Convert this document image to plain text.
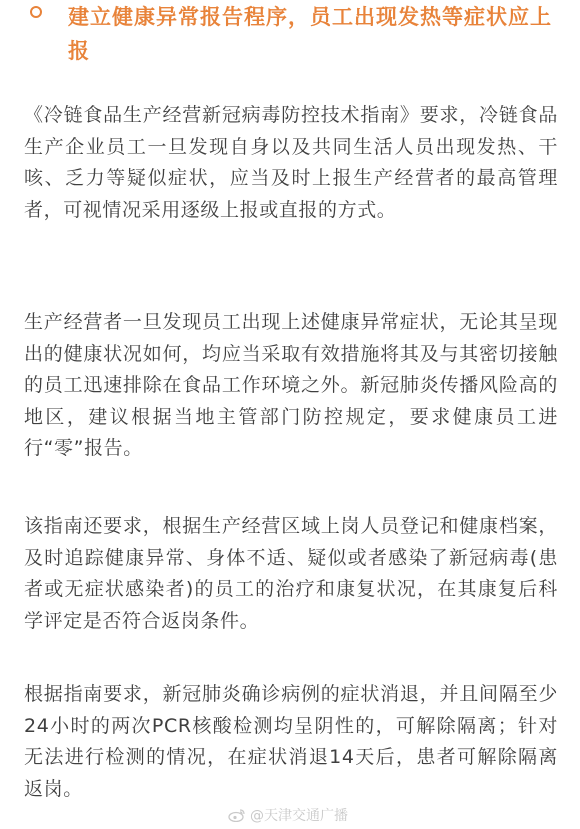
建立健康异常报告程序，员工出现发热等症状应上报

《冷链食品生产经营新冠病毒防控技术指南》要求，冷链食品生产企业员工一旦发现自身以及共同生活人员出现发热、干咳、乏力等疑似症状，应当及时上报生产经营者的最高管理者，可视情况采用逐级上报或直报的方式。

生产经营者一旦发现员工出现上述健康异常症状，无论其呈现出的健康状况如何，均应当采取有效措施将其及与其密切接触的员工迅速排除在食品工作环境之外。新冠肺炎传播风险高的地区，建议根据当地主管部门防控规定，要求健康员工进行“零”报告。

该指南还要求，根据生产经营区域上岗人员登记和健康档案，及时追踪健康异常、身体不适、疑似或者感染了新冠病毒(患者或无症状感染者)的员工的治疗和康复状况，在其康复后科学评定是否符合返岗条件。

根据指南要求，新冠肺炎确诊病例的症状消退，并且间隔至少24小时的两次PCR核酸检测均呈阴性的，可解除隔离；针对无法进行检测的情况，在症状消退14天后，患者可解除隔离返岗。

@天津交通广播
